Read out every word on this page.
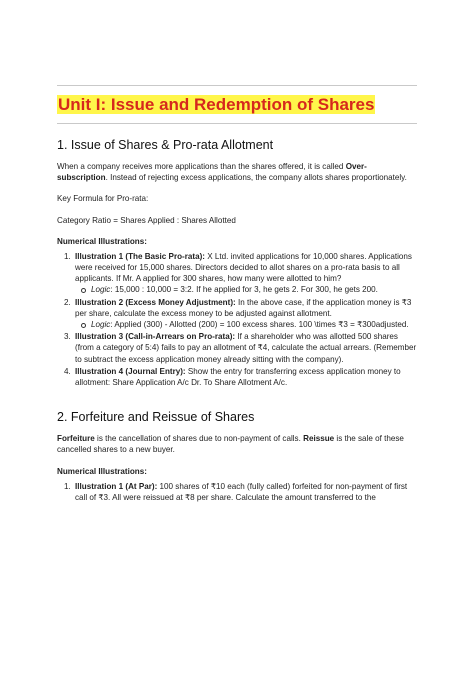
Unit I: Issue and Redemption of Shares
1. Issue of Shares & Pro-rata Allotment

When a company receives more applications than the shares offered, it is called Over-subscription. Instead of rejecting excess applications, the company allots shares proportionately.

Key Formula for Pro-rata:

Category Ratio = Shares Applied : Shares Allotted

Numerical Illustrations:
1. Illustration 1 (The Basic Pro-rata): X Ltd. invited applications for 10,000 shares. Applications were received for 15,000 shares. Directors decided to allot shares on a pro-rata basis to all applicants. If Mr. A applied for 300 shares, how many were allotted to him?
Logic: 15,000 : 10,000 = 3:2. If he applied for 3, he gets 2. For 300, he gets 200.
2. Illustration 2 (Excess Money Adjustment): In the above case, if the application money is ₹3 per share, calculate the excess money to be adjusted against allotment.
Logic: Applied (300) - Allotted (200) = 100 excess shares. 100 \times ₹3 = ₹300adjusted.
3. Illustration 3 (Call-in-Arrears on Pro-rata): If a shareholder who was allotted 500 shares (from a category of 5:4) fails to pay an allotment of ₹4, calculate the actual arrears. (Remember to subtract the excess application money already sitting with the company).
4. Illustration 4 (Journal Entry): Show the entry for transferring excess application money to allotment: Share Application A/c Dr. To Share Allotment A/c.
2. Forfeiture and Reissue of Shares

Forfeiture is the cancellation of shares due to non-payment of calls. Reissue is the sale of these cancelled shares to a new buyer.

Numerical Illustrations:
1. Illustration 1 (At Par): 100 shares of ₹10 each (fully called) forfeited for non-payment of first call of ₹3. All were reissued at ₹8 per share. Calculate the amount transferred to the
